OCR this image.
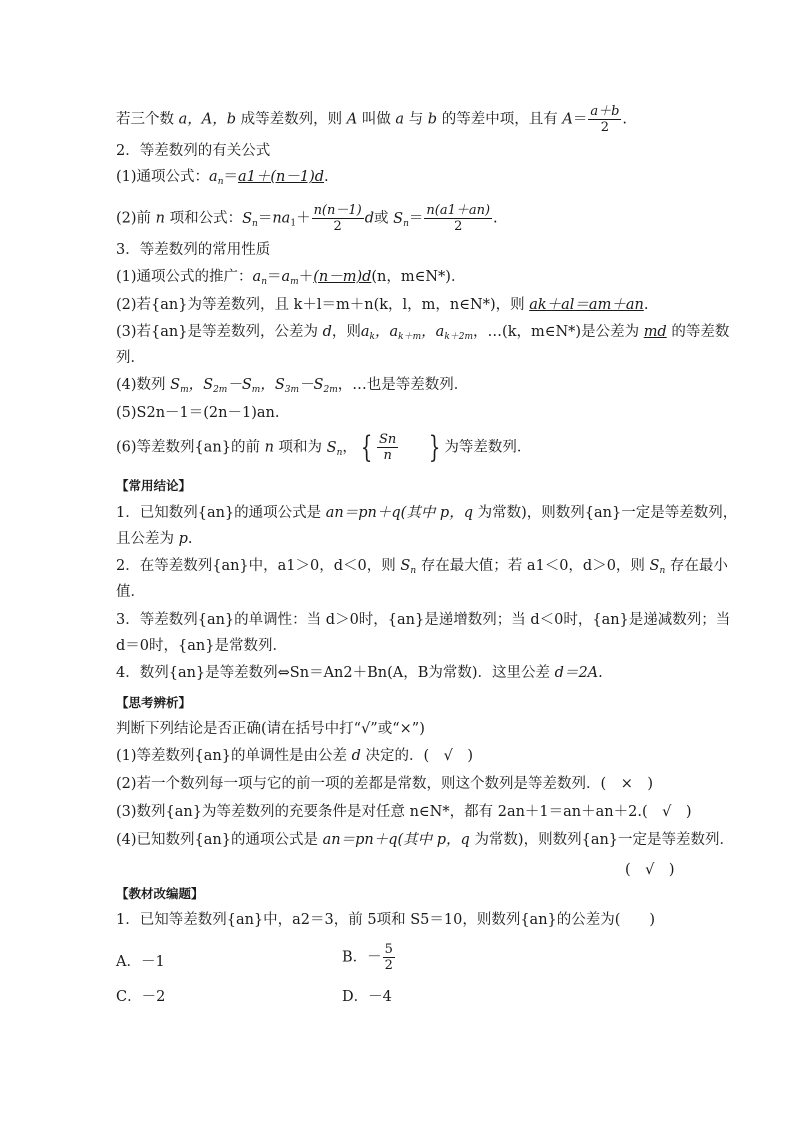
若三个数 a，A，b 成等差数列，则 A 叫做 a 与 b 的等差中项，且有 $A= \frac{a+b}{2}$ .
2．等差数列的有关公式
(1)通项公式：$a_n=a1+(n-1)d$.
(2)前 n 项和公式：$S_n=na_1+ \frac{n(n-1)}{2}$ d或 $S_n= \frac{n(a1+an)}{2}$ .
3．等差数列的常用性质
(1)通项公式的推广：$a_n=a_m+(n-m)d(n$，m∈N*)．
(2)若{an}为等差数列，且 k＋l＝m＋n(k，l，m，n∈N*)，则 ak＋al＝am＋an.
(3)若{an}是等差数列，公差为 d，则$a_k$，$a_{k+m}$，$a_{k+2m}$，…(k，m∈N*)是公差为 md 的等差数
列．
(4)数列 $S_m$，$S_{2m}-S_m$，$S_{3m}-S_{2m}$，…也是等差数列．
(5)S2n－1＝(2n－1)an.
(6)等差数列{an}的前 n 项和为 $S_n$， { $\frac{Sn}{n}$ } 为等差数列．
【常用结论】
1．已知数列{an}的通项公式是 an＝pn＋q(其中 p，q 为常数)，则数列{an}一定是等差数列，
且公差为 p.
2．在等差数列{an}中，a1＞0，d＜0，则 $S_n$ 存在最大值；若 a1＜0，d＞0，则 $S_n$ 存在最小
值．
3．等差数列{an}的单调性：当 d＞0时，{an}是递增数列；当 d＜0时，{an}是递减数列；当
d＝0时，{an}是常数列．
4．数列{an}是等差数列⇔Sn＝An2＋Bn(A，B为常数)．这里公差 d＝2A.
【思考辨析】
判断下列结论是否正确(请在括号中打“√”或“×”)
(1)等差数列{an}的单调性是由公差 d 决定的．(　√　)
(2)若一个数列每一项与它的前一项的差都是常数，则这个数列是等差数列．(　×　)
(3)数列{an}为等差数列的充要条件是对任意 n∈N*，都有 2an＋1＝an＋an＋2.(　√　)
(4)已知数列{an}的通项公式是 an＝pn＋q(其中 p，q 为常数)，则数列{an}一定是等差数列．
(　√　)
【教材改编题】
1．已知等差数列{an}中，a2＝3，前 5项和 S5＝10，则数列{an}的公差为(　　)
A．－1	B．－ $\frac{5}{2}$
C．－2	D．－4
